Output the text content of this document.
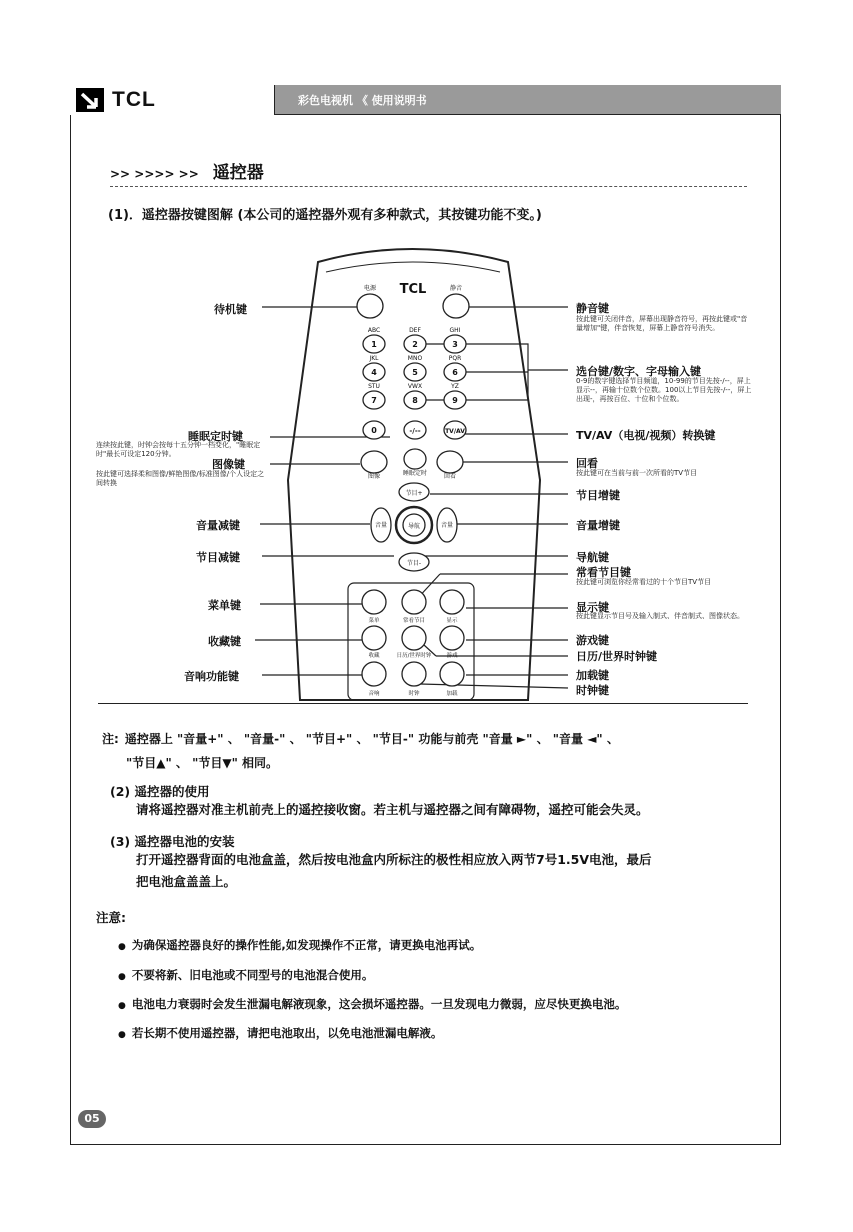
TCL	彩色电视机 《 使用说明书
>> >>>> >> 遥控器
(1)．遥控器按键图解 (本公司的遥控器外观有多种款式，其按键功能不变。)
TCL
电源	静音
ABC	DEF	GHI
JKL	MNO	PQR
STU	VWX	YZ
1	2	3
4	5	6
7	8	9
0	-/--	TV/AV
图像	睡眠定时	回看
节目+
节目-
音量	音量
导航
菜单	常看节目	显示
收藏	日历/世界时钟	游戏
音响	时钟	加载
待机键
睡眠定时键
连续按此键，时钟会按每十五分钟一档变化，"睡眠定时"最长可设定120分钟。
图像键
按此键可选择柔和图像/鲜艳图像/标准图像/个人设定之间转换
音量减键
节目减键
菜单键
收藏键
音响功能键
静音键
按此键可关闭伴音，屏幕出现静音符号，再按此键或"音量增加"键，伴音恢复，屏幕上静音符号消失。
选台键/数字、字母输入键
0-9的数字键选择节目频道，10-99的节目先按-/--，屏上显示--，再输十位数个位数。100以上节目先按-/--，屏上出现-，再按百位、十位和个位数。
TV/AV（电视/视频）转换键
回看
按此键可在当前与前一次所看的TV节目
节目增键
音量增键
导航键
常看节目键
按此键可浏览你经常看过的十个节目TV节目
显示键
按此键显示节目号及输入制式、伴音制式、图像状态。
游戏键
日历/世界时钟键
加载键
时钟键
注: 遥控器上 "音量+" 、 "音量-" 、 "节目+" 、 "节目-" 功能与前壳 "音量 ►" 、 "音量 ◄" 、
"节目▲" 、 "节目▼" 相同。
(2) 遥控器的使用
请将遥控器对准主机前壳上的遥控接收窗。若主机与遥控器之间有障碍物，遥控可能会失灵。
(3) 遥控器电池的安装
打开遥控器背面的电池盒盖，然后按电池盒内所标注的极性相应放入两节7号1.5V电池，最后
把电池盒盖盖上。
注意:
● 为确保遥控器良好的操作性能,如发现操作不正常，请更换电池再试。
● 不要将新、旧电池或不同型号的电池混合使用。
● 电池电力衰弱时会发生泄漏电解液现象，这会损坏遥控器。一旦发现电力微弱，应尽快更换电池。
● 若长期不使用遥控器，请把电池取出，以免电池泄漏电解液。
05
